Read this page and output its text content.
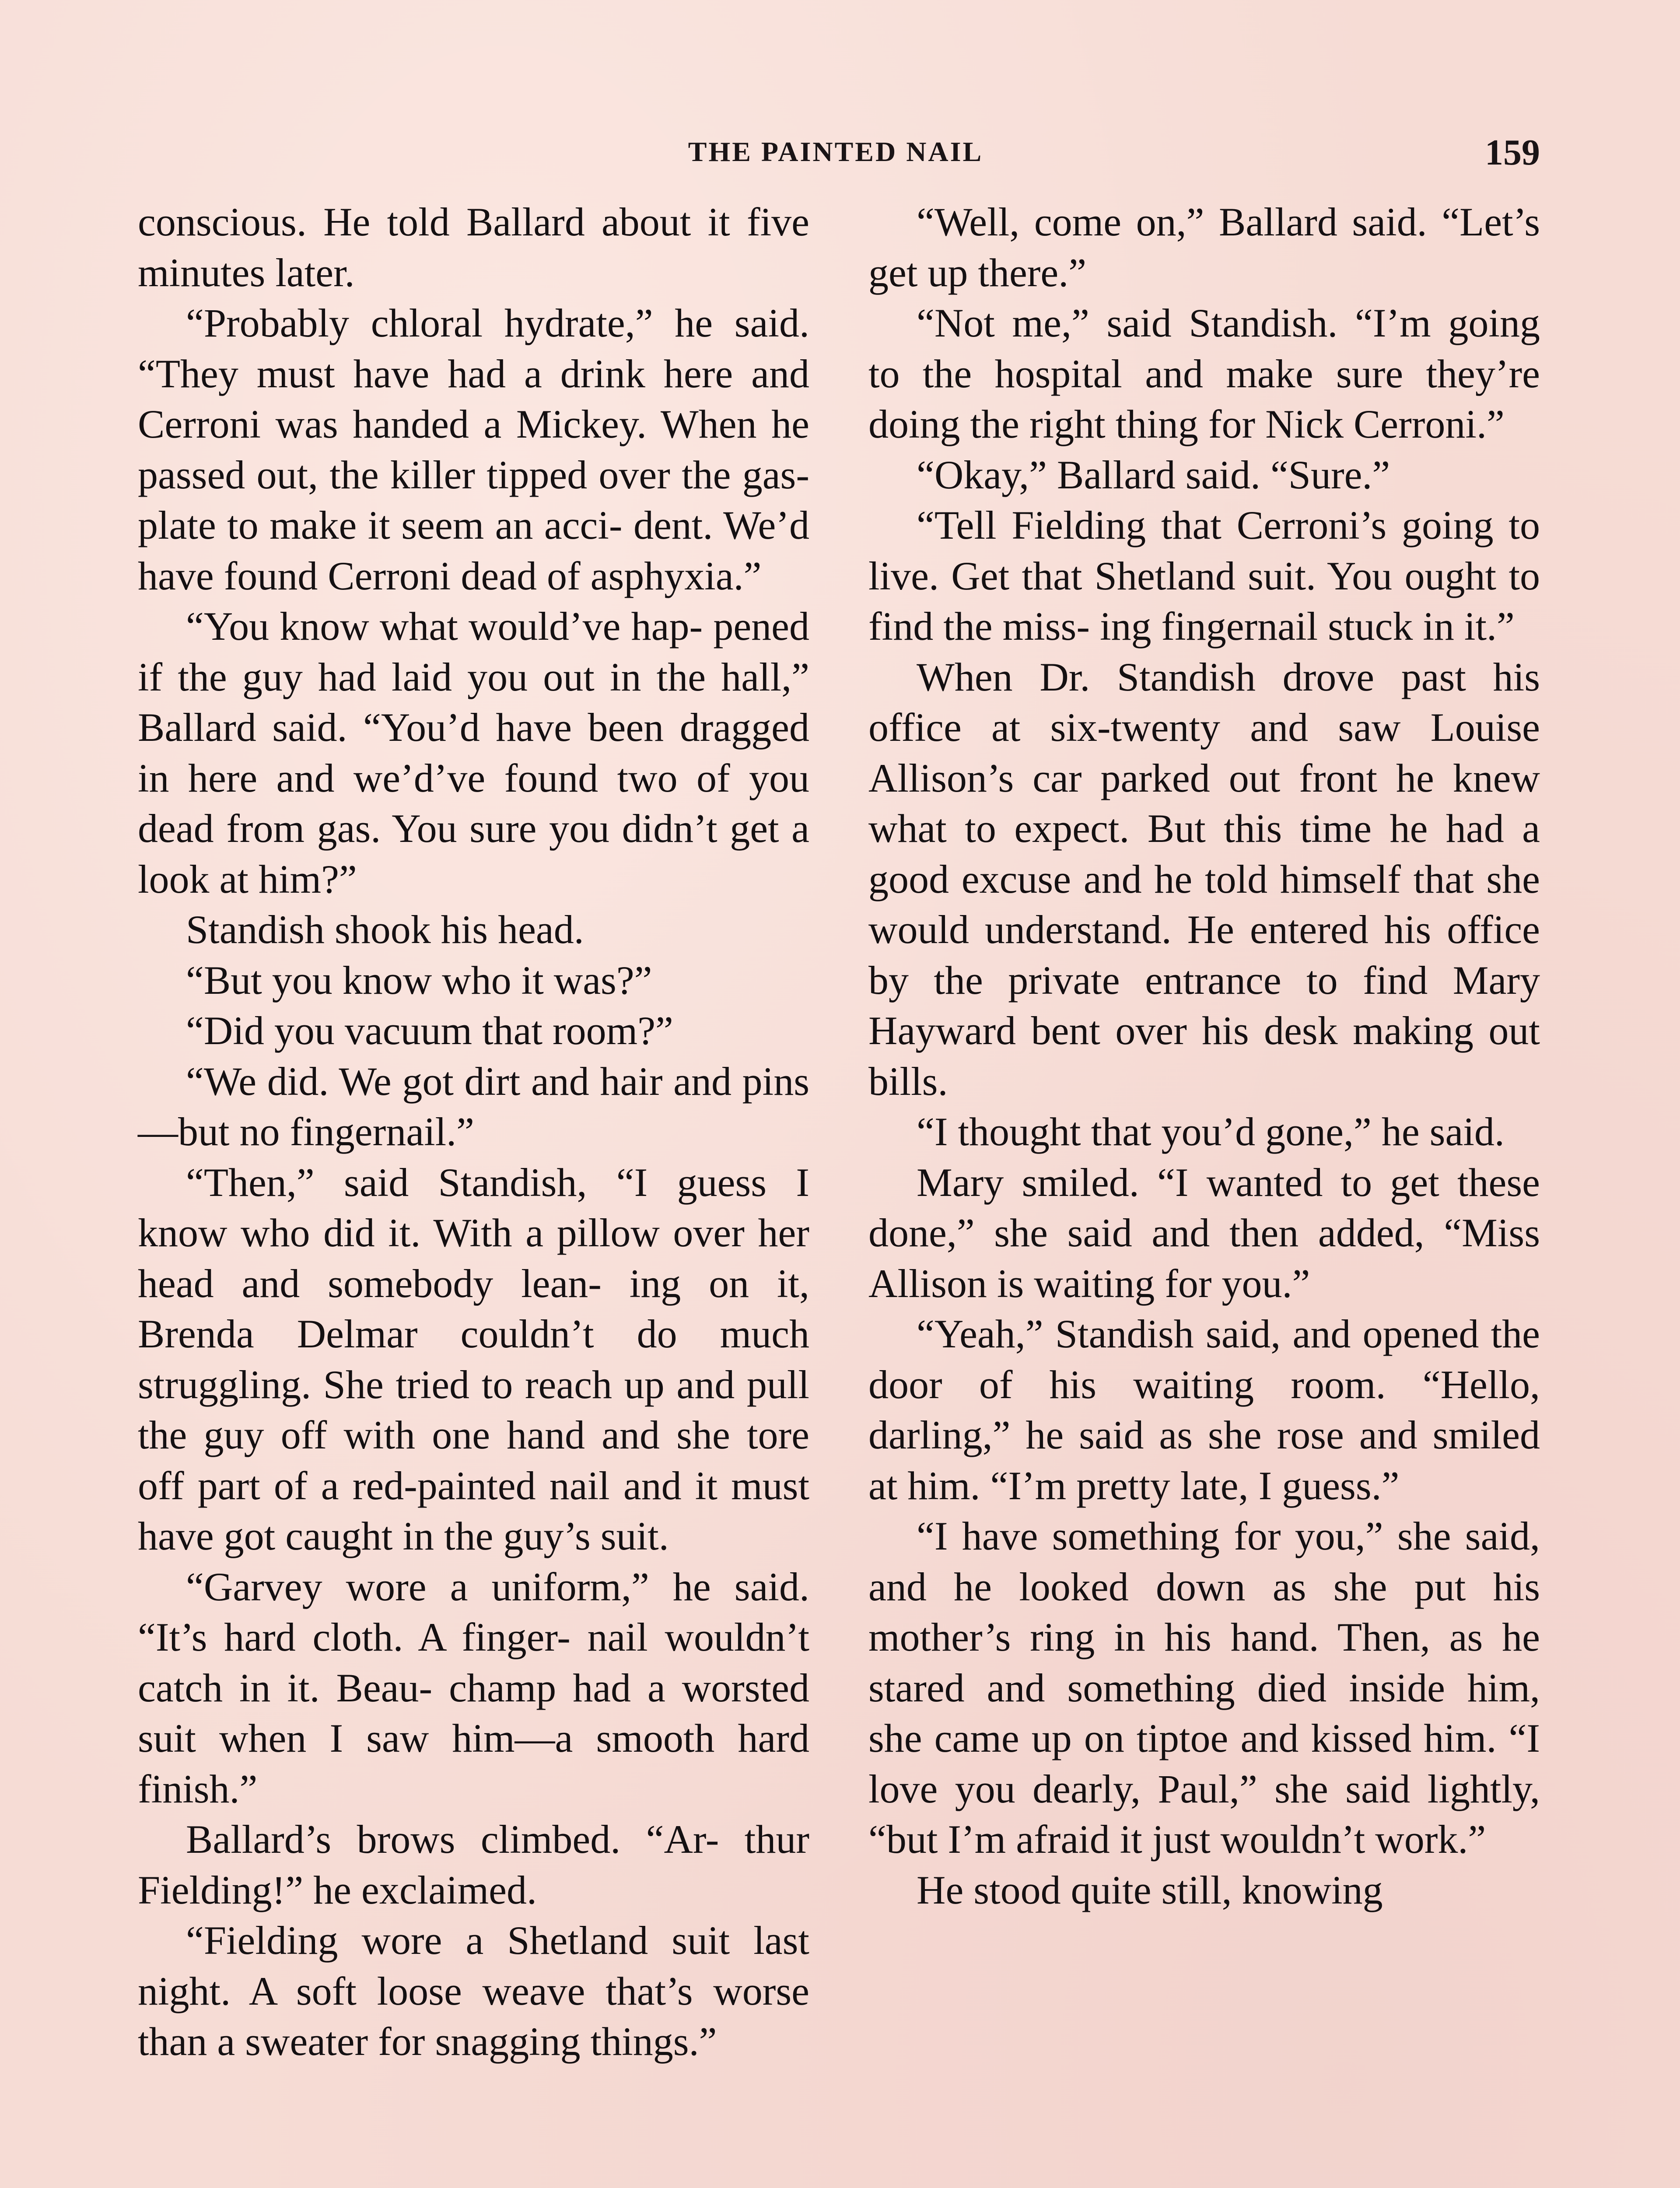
THE PAINTED NAIL	159

conscious. He told Ballard about it five minutes later.

“Probably chloral hydrate,” he said. “They must have had a drink here and Cerroni was handed a Mickey. When he passed out, the killer tipped over the gas-plate to make it seem an acci- dent. We’d have found Cerroni dead of asphyxia.”

“You know what would’ve hap- pened if the guy had laid you out in the hall,” Ballard said. “You’d have been dragged in here and we’d’ve found two of you dead from gas. You sure you didn’t get a look at him?”

Standish shook his head.

“But you know who it was?”

“Did you vacuum that room?”

“We did. We got dirt and hair and pins—but no fingernail.”

“Then,” said Standish, “I guess I know who did it. With a pillow over her head and somebody lean- ing on it, Brenda Delmar couldn’t do much struggling. She tried to reach up and pull the guy off with one hand and she tore off part of a red-painted nail and it must have got caught in the guy’s suit.

“Garvey wore a uniform,” he said. “It’s hard cloth. A finger- nail wouldn’t catch in it. Beau- champ had a worsted suit when I saw him—a smooth hard finish.”

Ballard’s brows climbed. “Ar- thur Fielding!” he exclaimed.

“Fielding wore a Shetland suit last night. A soft loose weave that’s worse than a sweater for snagging things.”

“Well, come on,” Ballard said. “Let’s get up there.”

“Not me,” said Standish. “I’m going to the hospital and make sure they’re doing the right thing for Nick Cerroni.”

“Okay,” Ballard said. “Sure.”

“Tell Fielding that Cerroni’s going to live. Get that Shetland suit. You ought to find the miss- ing fingernail stuck in it.”

When Dr. Standish drove past his office at six-twenty and saw Louise Allison’s car parked out front he knew what to expect. But this time he had a good excuse and he told himself that she would understand. He entered his office by the private entrance to find Mary Hayward bent over his desk making out bills.

“I thought that you’d gone,” he said.

Mary smiled. “I wanted to get these done,” she said and then added, “Miss Allison is waiting for you.”

“Yeah,” Standish said, and opened the door of his waiting room. “Hello, darling,” he said as she rose and smiled at him. “I’m pretty late, I guess.”

“I have something for you,” she said, and he looked down as she put his mother’s ring in his hand. Then, as he stared and something died inside him, she came up on tiptoe and kissed him. “I love you dearly, Paul,” she said lightly, “but I’m afraid it just wouldn’t work.”

He stood quite still, knowing
